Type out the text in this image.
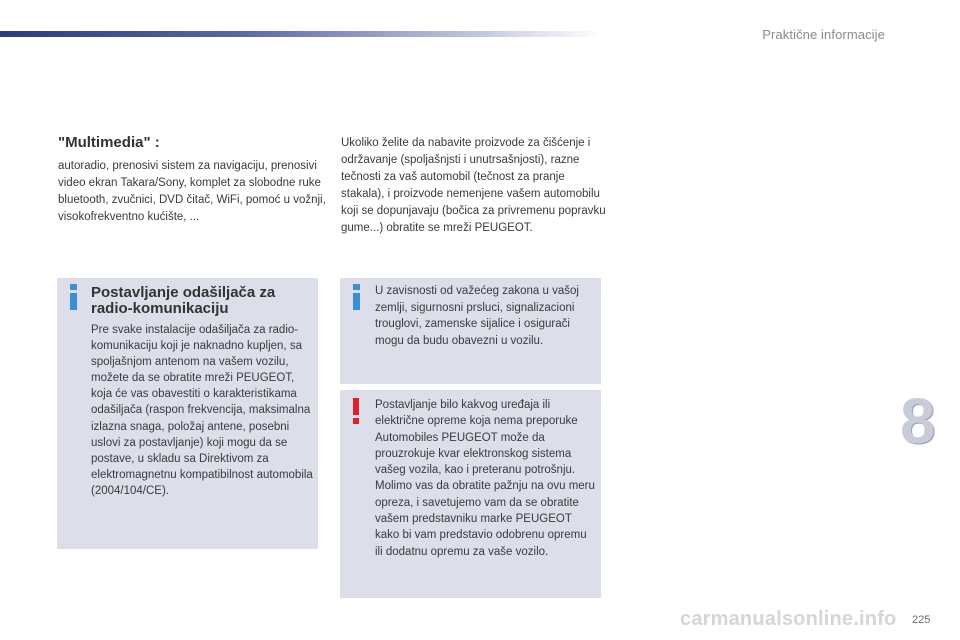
Praktične informacije
"Multimedia" :
autoradio, prenosivi sistem za navigaciju, prenosivi video ekran Takara/Sony, komplet za slobodne ruke bluetooth, zvučnici, DVD čitač, WiFi, pomoć u vožnji, visokofrekventno kućište, ...
Ukoliko želite da nabavite proizvode za čišćenje i održavanje (spoljašnjsti i unutrsašnjosti), razne tečnosti za vaš automobil (tečnost za pranje stakala), i proizvode nemenjene vašem automobilu koji se dopunjavaju (bočica za privremenu popravku gume...) obratite se mreži PEUGEOT.
Postavljanje odašiljača za radio-komunikaciju
Pre svake instalacije odašiljača za radio-komunikaciju koji je naknadno kupljen, sa spoljašnjom antenom na vašem vozilu, možete da se obratite mreži PEUGEOT, koja će vas obavestiti o karakteristikama odašiljača (raspon frekvencija, maksimalna izlazna snaga, položaj antene, posebni uslovi za postavljanje) koji mogu da se postave, u skladu sa Direktivom za elektromagnetnu kompatibilnost automobila (2004/104/CE).
U zavisnosti od važećeg zakona u vašoj zemlji, sigurnosni prsluci, signalizacioni trouglovi, zamenske sijalice i osigurači mogu da budu obavezni u vozilu.
Postavljanje bilo kakvog uređaja ili električne opreme koja nema preporuke Automobiles PEUGEOT može da prouzrokuje kvar elektronskog sistema vašeg vozila, kao i preteranu potrošnju. Molimo vas da obratite pažnju na ovu meru opreza, i savetujemo vam da se obratite vašem predstavniku marke PEUGEOT kako bi vam predstavio odobrenu opremu ili dodatnu opremu za vaše vozilo.
8
carmanualsonline.info 225
